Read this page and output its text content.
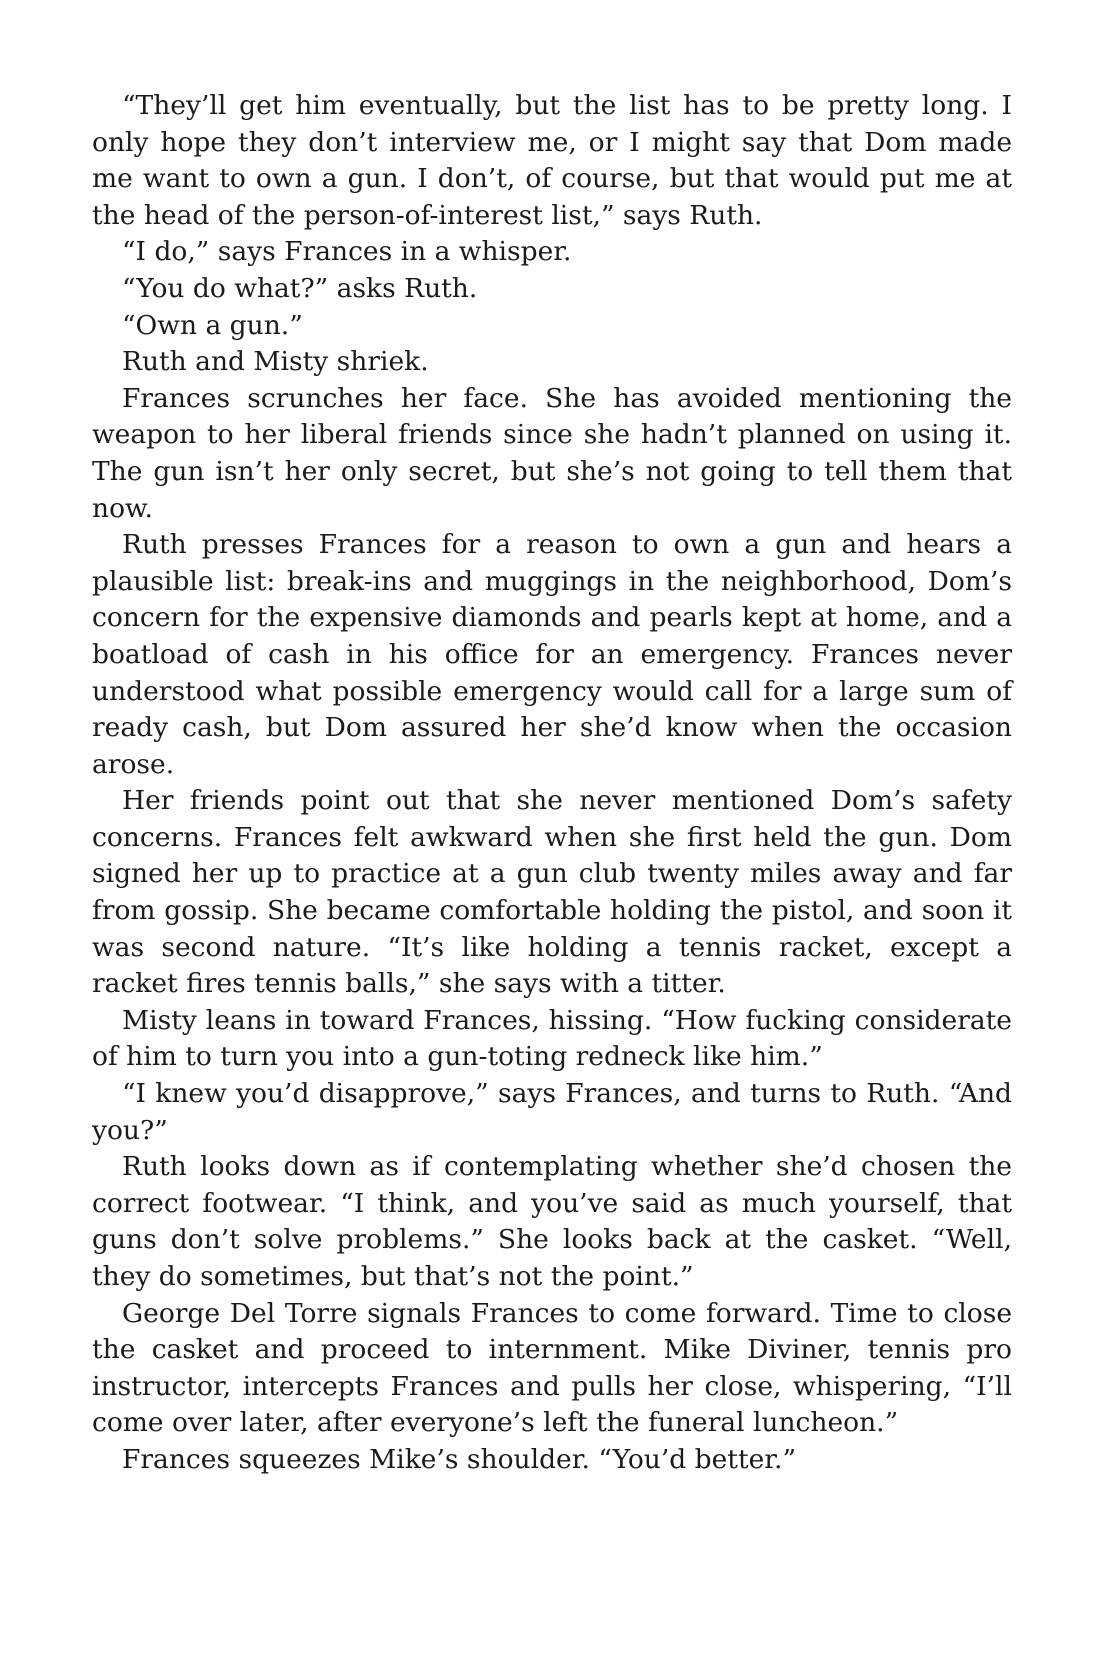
“They’ll get him eventually, but the list has to be pretty long. I only hope they don’t interview me, or I might say that Dom made me want to own a gun. I don’t, of course, but that would put me at the head of the person-of-interest list,” says Ruth.

“I do,” says Frances in a whisper.

“You do what?” asks Ruth.

“Own a gun.”

Ruth and Misty shriek.

Frances scrunches her face. She has avoided mentioning the weapon to her liberal friends since she hadn’t planned on using it. The gun isn’t her only secret, but she’s not going to tell them that now.

Ruth presses Frances for a reason to own a gun and hears a plausible list: break-ins and muggings in the neighborhood, Dom’s concern for the expensive diamonds and pearls kept at home, and a boatload of cash in his office for an emergency. Frances never understood what possible emergency would call for a large sum of ready cash, but Dom assured her she’d know when the occasion arose.

Her friends point out that she never mentioned Dom’s safety concerns. Frances felt awkward when she first held the gun. Dom signed her up to practice at a gun club twenty miles away and far from gossip. She became comfortable holding the pistol, and soon it was second nature. “It’s like holding a tennis racket, except a racket fires tennis balls,” she says with a titter.

Misty leans in toward Frances, hissing. “How fucking considerate of him to turn you into a gun-toting redneck like him.”

“I knew you’d disapprove,” says Frances, and turns to Ruth. “And you?”

Ruth looks down as if contemplating whether she’d chosen the correct footwear. “I think, and you’ve said as much yourself, that guns don’t solve problems.” She looks back at the casket. “Well, they do sometimes, but that’s not the point.”

George Del Torre signals Frances to come forward. Time to close the casket and proceed to internment. Mike Diviner, tennis pro instructor, intercepts Frances and pulls her close, whispering, “I’ll come over later, after everyone’s left the funeral luncheon.”

Frances squeezes Mike’s shoulder. “You’d better.”
